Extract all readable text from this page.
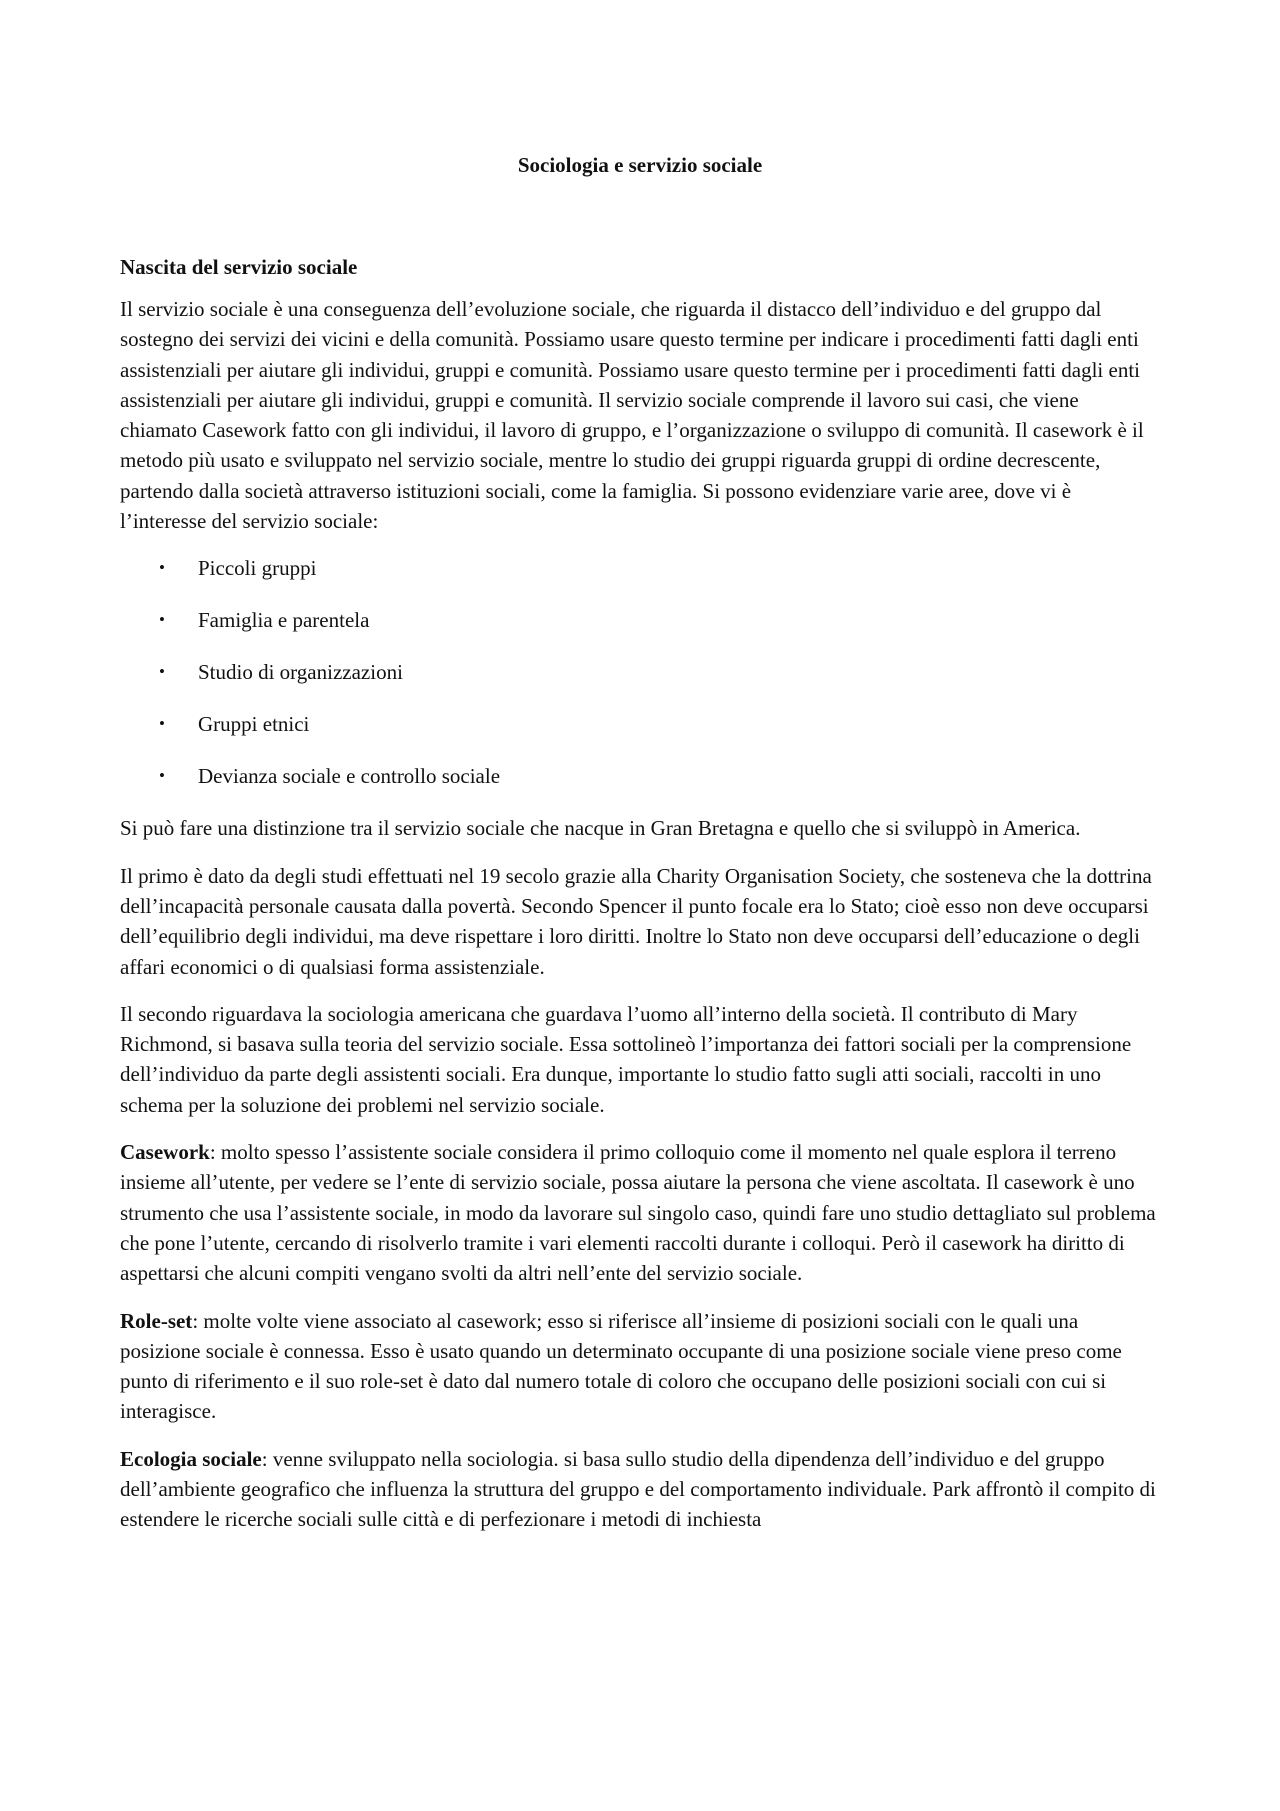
Sociologia e servizio sociale
Nascita del servizio sociale

Il servizio sociale è una conseguenza dell’evoluzione sociale, che riguarda il distacco dell’individuo e del gruppo dal sostegno dei servizi dei vicini e della comunità. Possiamo usare questo termine per indicare i procedimenti fatti dagli enti assistenziali per aiutare gli individui, gruppi e comunità. Possiamo usare questo termine per i procedimenti fatti dagli enti assistenziali per aiutare gli individui, gruppi e comunità. Il servizio sociale comprende il lavoro sui casi, che viene chiamato Casework fatto con gli individui, il lavoro di gruppo, e l’organizzazione o sviluppo di comunità. Il casework è il metodo più usato e sviluppato nel servizio sociale, mentre lo studio dei gruppi riguarda gruppi di ordine decrescente, partendo dalla società attraverso istituzioni sociali, come la famiglia. Si possono evidenziare varie aree, dove vi è l’interesse del servizio sociale:

• Piccoli gruppi
• Famiglia e parentela
• Studio di organizzazioni
• Gruppi etnici
• Devianza sociale e controllo sociale

Si può fare una distinzione tra il servizio sociale che nacque in Gran Bretagna e quello che si sviluppò in America.

Il primo è dato da degli studi effettuati nel 19 secolo grazie alla Charity Organisation Society, che sosteneva che la dottrina dell’incapacità personale causata dalla povertà. Secondo Spencer il punto focale era lo Stato; cioè esso non deve occuparsi dell’equilibrio degli individui, ma deve rispettare i loro diritti. Inoltre lo Stato non deve occuparsi dell’educazione o degli affari economici o di qualsiasi forma assistenziale.

Il secondo riguardava la sociologia americana che guardava l’uomo all’interno della società. Il contributo di Mary Richmond, si basava sulla teoria del servizio sociale. Essa sottolineò l’importanza dei fattori sociali per la comprensione dell’individuo da parte degli assistenti sociali. Era dunque, importante lo studio fatto sugli atti sociali, raccolti in uno schema per la soluzione dei problemi nel servizio sociale.

Casework: molto spesso l’assistente sociale considera il primo colloquio come il momento nel quale esplora il terreno insieme all’utente, per vedere se l’ente di servizio sociale, possa aiutare la persona che viene ascoltata. Il casework è uno strumento che usa l’assistente sociale, in modo da lavorare sul singolo caso, quindi fare uno studio dettagliato sul problema che pone l’utente, cercando di risolverlo tramite i vari elementi raccolti durante i colloqui. Però il casework ha diritto di aspettarsi che alcuni compiti vengano svolti da altri nell’ente del servizio sociale.

Role-set: molte volte viene associato al casework; esso si riferisce all’insieme di posizioni sociali con le quali una posizione sociale è connessa. Esso è usato quando un determinato occupante di una posizione sociale viene preso come punto di riferimento e il suo role-set è dato dal numero totale di coloro che occupano delle posizioni sociali con cui si interagisce.

Ecologia sociale: venne sviluppato nella sociologia. si basa sullo studio della dipendenza dell’individuo e del gruppo dell’ambiente geografico che influenza la struttura del gruppo e del comportamento individuale. Park affrontò il compito di estendere le ricerche sociali sulle città e di perfezionare i metodi di inchiesta
